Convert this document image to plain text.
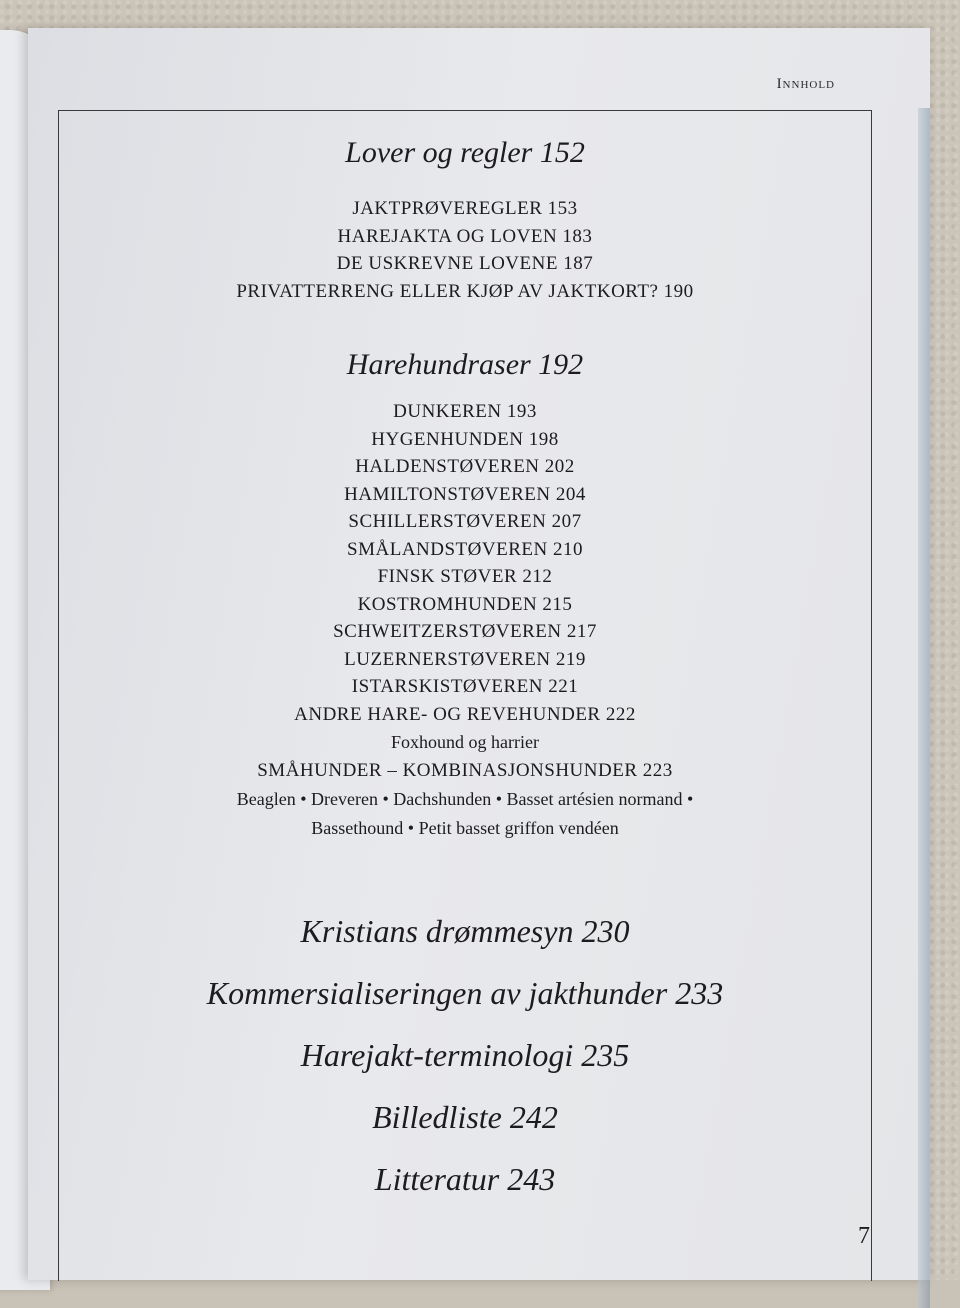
Innhold

Lover og regler 152

JAKTPRØVEREGLER 153
HAREJAKTA OG LOVEN 183
DE USKREVNE LOVENE 187
PRIVATTERRENG ELLER KJØP AV JAKTKORT? 190

Harehundraser 192

DUNKEREN 193
HYGENHUNDEN 198
HALDENSTØVEREN 202
HAMILTONSTØVEREN 204
SCHILLERSTØVEREN 207
SMÅLANDSTØVEREN 210
FINSK STØVER 212
KOSTROMHUNDEN 215
SCHWEITZERSTØVEREN 217
LUZERNERSTØVEREN 219
ISTARSKISTØVEREN 221
ANDRE HARE- OG REVEHUNDER 222
Foxhound og harrier
SMÅHUNDER – KOMBINASJONSHUNDER 223
Beaglen • Dreveren • Dachshunden • Basset artésien normand •
Bassethound • Petit basset griffon vendéen

Kristians drømmesyn 230

Kommersialiseringen av jakthunder 233

Harejakt-terminologi 235

Billedliste 242

Litteratur 243

7
